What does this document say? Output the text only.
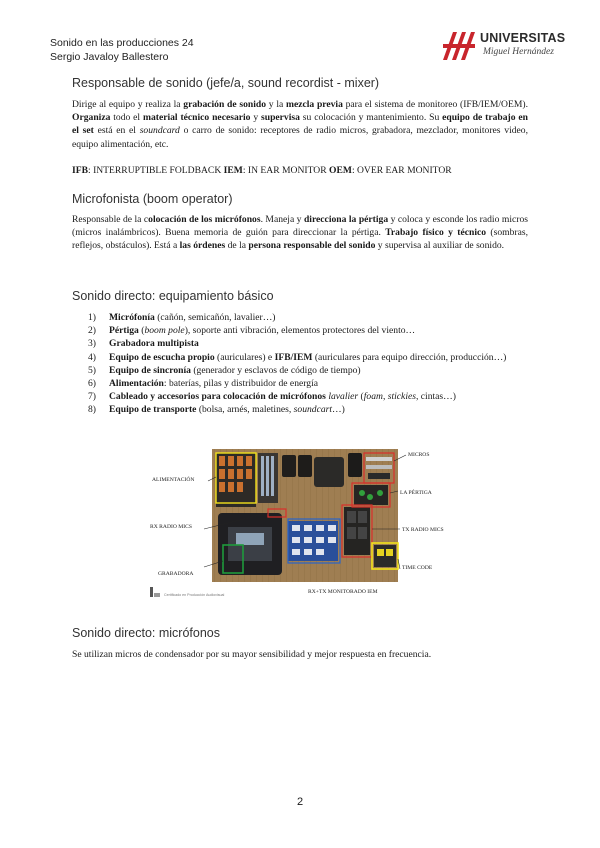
Sonido en las producciones 24
Sergio Javaloy Ballestero
UNIVERSITAS
Miguel Hernández
Responsable de sonido (jefe/a, sound recordist - mixer)

Dirige al equipo y realiza la grabación de sonido y la mezcla previa para el sistema de monitoreo (IFB/IEM/OEM). Organiza todo el material técnico necesario y supervisa su colocación y mantenimiento. Su equipo de trabajo en el set está en el soundcard o carro de sonido: receptores de radio micros, grabadora, mezclador, monitores video, equipo alimentación, etc.

IFB: INTERRUPTIBLE FOLDBACK IEM: IN EAR MONITOR OEM: OVER EAR MONITOR

Microfonista (boom operator)

Responsable de la colocación de los micrófonos. Maneja y direcciona la pértiga y coloca y esconde los radio micros (micros inalámbricos). Buena memoria de guión para direccionar la pértiga. Trabajo físico y técnico (sombras, reflejos, obstáculos). Está a las órdenes de la persona responsable del sonido y supervisa al auxiliar de sonido.

Sonido directo: equipamiento básico
1) Micrófonía (cañón, semicañón, lavalier…)
2) Pértiga (boom pole), soporte anti vibración, elementos protectores del viento…
3) Grabadora multipista
4) Equipo de escucha propio (auriculares) e IFB/IEM (auriculares para equipo dirección, producción…)
5) Equipo de sincronía (generador y esclavos de código de tiempo)
6) Alimentación: baterías, pilas y distribuidor de energía
7) Cableado y accesorios para colocación de micrófonos lavalier (foam, stickies, cintas…)
8) Equipo de transporte (bolsa, arnés, maletines, soundcart…)
ALIMENTACIÓN
MICROS
LA PÉRTIGA
RX RADIO MICS	TX RADIO MICS
GRABADORA
TIME CODE
RX+TX MONITORADO IEM
Certificado en Producción Audiovisual
Sonido directo: micrófonos

Se utilizan micros de condensador por su mayor sensibilidad y mejor respuesta en frecuencia.

2
